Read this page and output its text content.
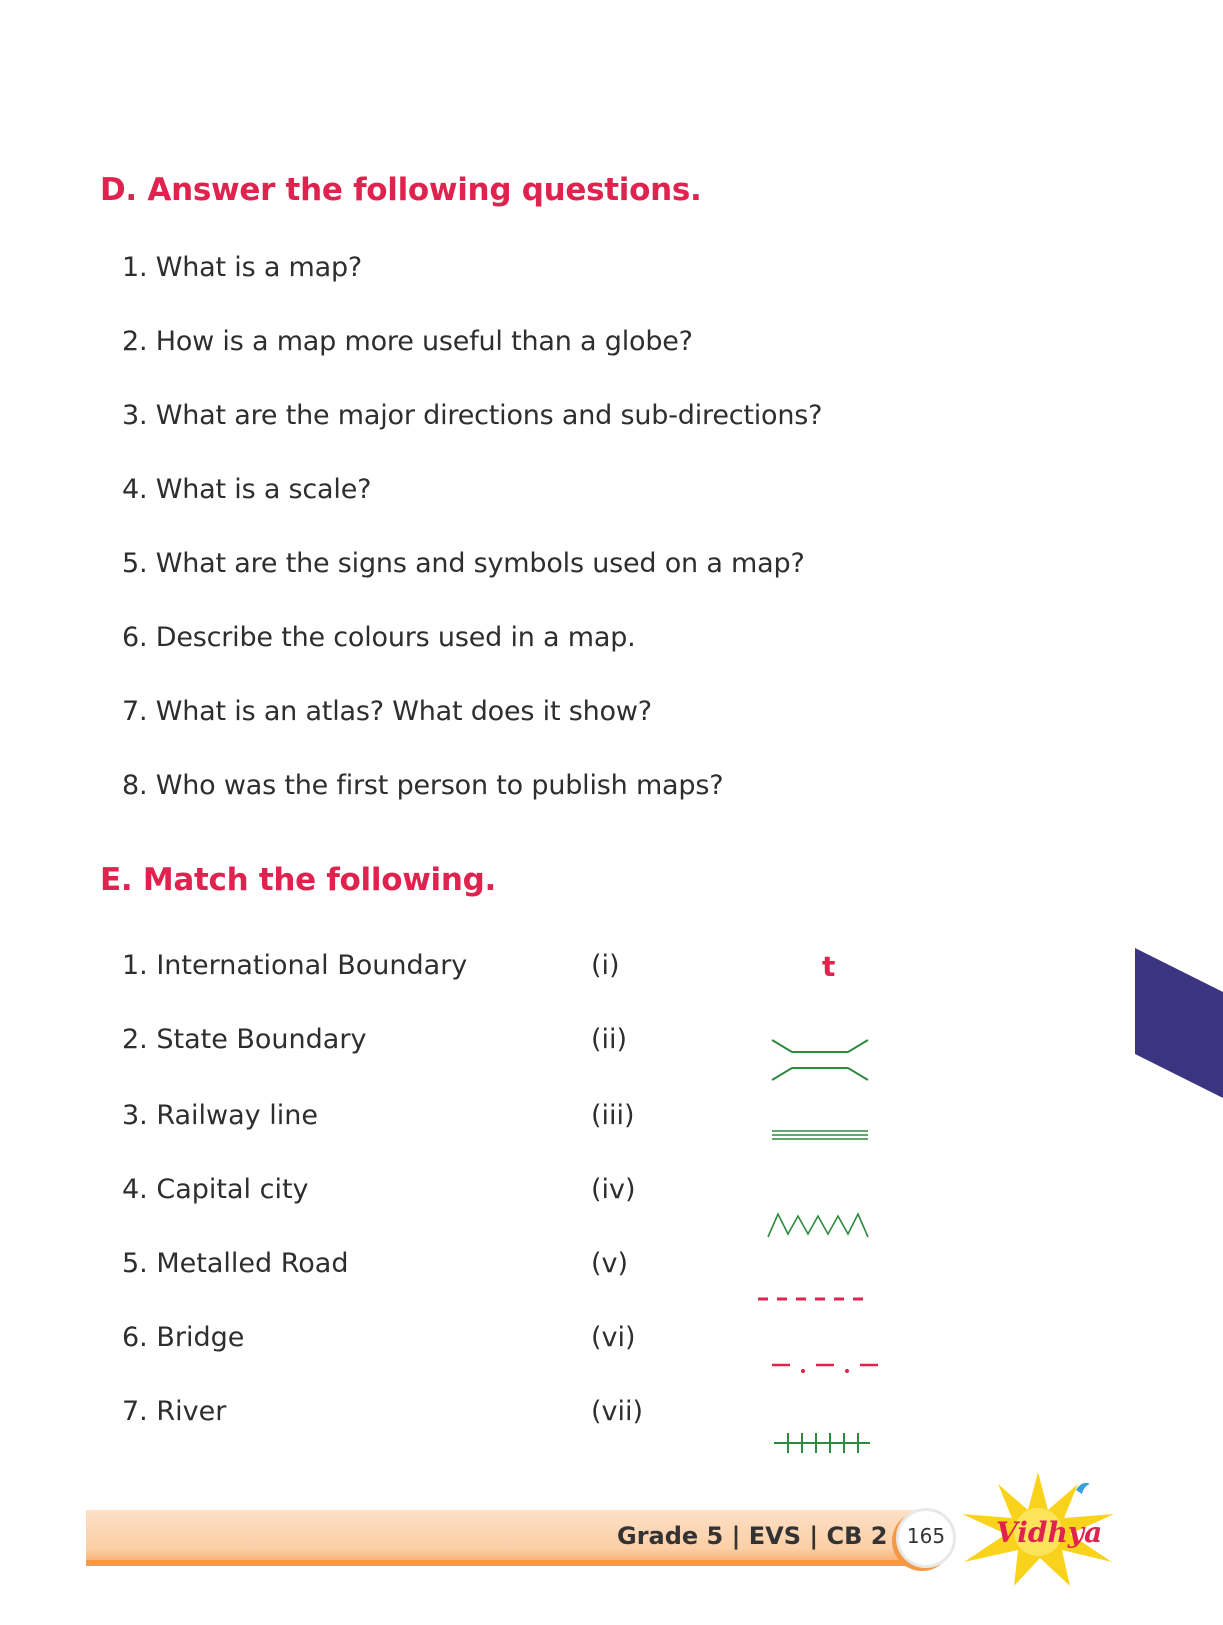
D. Answer the following questions.
1. What is a map?
2. How is a map more useful than a globe?
3. What are the major directions and sub-directions?
4. What is a scale?
5. What are the signs and symbols used on a map?
6. Describe the colours used in a map.
7. What is an atlas? What does it show?
8. Who was the first person to publish maps?
E. Match the following.
1. International Boundary	(i)	t
2. State Boundary	(ii)
3. Railway line	(iii)
4. Capital city	(iv)
5. Metalled Road	(v)
6. Bridge	(vi)
7. River	(vii)
Grade 5 | EVS | CB 2 165	Vidhya
